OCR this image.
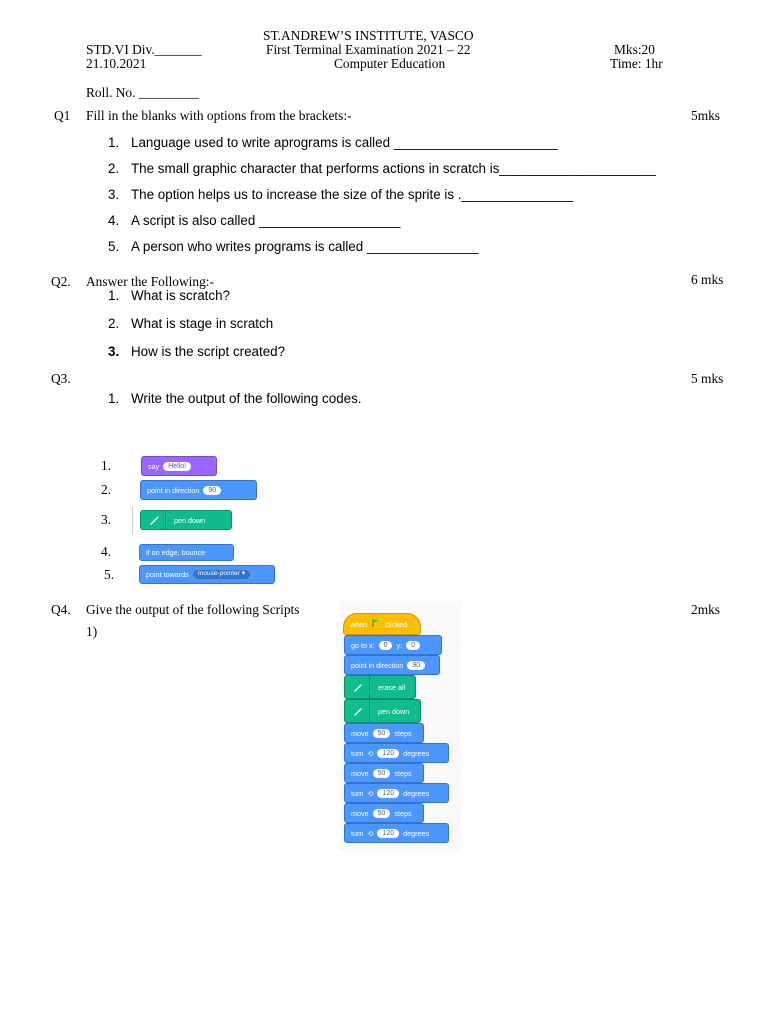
ST.ANDREW’S INSTITUTE, VASCO
STD.VI Div._______	First Terminal Examination 2021 – 22	Mks:20
21.10.2021	Computer Education	Time: 1hr
Roll. No. _________
Q1 Fill in the blanks with options from the brackets:-	5mks
1. Language used to write aprograms is called ______________________
2. The small graphic character that performs actions in scratch is_____________________
3. The option helps us to increase the size of the sprite is ._______________
4. A script is also called ___________________
5. A person who writes programs is called _______________
Q2. Answer the Following:-	6 mks
1. What is scratch?
2. What is stage in scratch
3. How is the script created?
Q3.	5 mks
1. Write the output of the following codes.
1.	say	Hello!
2.	point in direction	90
3.	pen down
4.	if on edge, bounce
5.	point towards	mouse-pointer ▾
Q4. Give the output of the following Scripts	2mks
1)	when	clicked
go to x:	0	y:	0
point in direction	90
erase all
pen down
move	50	steps
turn ⟲	120	degrees
move	50	steps
turn ⟲	120	degrees
move	50	steps
turn ⟲	120	degrees
